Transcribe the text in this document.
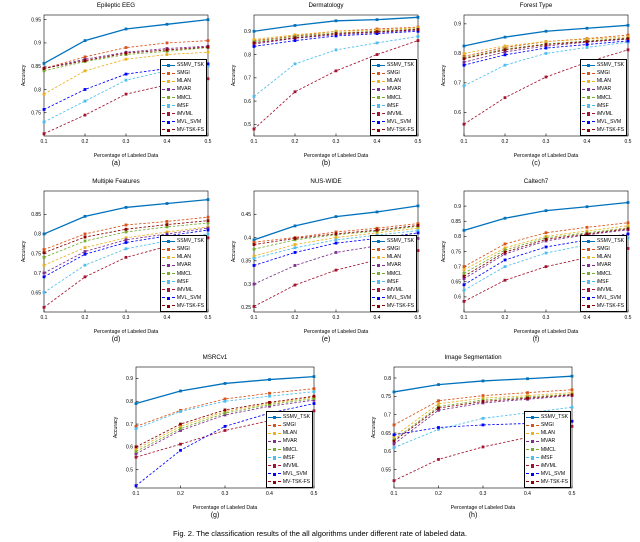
Epileptic EEG
0.1	0.2	0.3	0.4	0.5
0.75
0.8
0.85
0.9
0.95
Percentage of Labeled Data
Accuracy	SSMV_TSK
SMGI
MLAN
MVAR
MMCL
iMSF
iMVML
MVL_SVM
MV-TSK-FS
Dermatology
0.1	0.2	0.3	0.4	0.5
0.5
0.6
0.7
0.8
0.9
Percentage of Labeled Data
Accuracy	SSMV_TSK
SMGI
MLAN
MVAR
MMCL
iMSF
iMVML
MVL_SVM
MV-TSK-FS
Forest Type
0.1	0.2	0.3	0.4	0.5
0.6
0.7
0.8
0.9
Percentage of Labeled Data
Accuracy	SSMV_TSK
SMGI
MLAN
MVAR
MMCL
iMSF
iMVML
MVL_SVM
MV-TSK-FS
Multiple Features
0.1	0.2	0.3	0.4	0.5
0.65
0.7
0.75
0.8
0.85
Percentage of Labeled Data
Accuracy	SSMV_TSK
SMGI
MLAN
MVAR
MMCL
iMSF
iMVML
MVL_SVM
MV-TSK-FS
NUS-WIDE
0.1	0.2	0.3	0.4	0.5
0.25
0.3
0.35
0.4
0.45
Percentage of Labeled Data
Accuracy	SSMV_TSK
SMGI
MLAN
MVAR
MMCL
iMSF
iMVML
MVL_SVM
MV-TSK-FS
Caltech7
0.1	0.2	0.3	0.4	0.5
0.6
0.65
0.7
0.75
0.8
0.85
0.9
Percentage of Labeled Data
Accuracy	SSMV_TSK
SMGI
MLAN
MVAR
MMCL
iMSF
iMVML
MVL_SVM
MV-TSK-FS
MSRCv1
0.1	0.2	0.3	0.4	0.5
0.5
0.6
0.7
0.8
0.9
Percentage of Labeled Data
Accuracy	SSMV_TSK
SMGI
MLAN
MVAR
MMCL
iMSF
iMVML
MVL_SVM
MV-TSK-FS
Image Segmentation
0.1	0.2	0.3	0.4	0.5
0.55
0.6
0.65
0.7
0.75
0.8
Percentage of Labeled Data
Accuracy	SSMV_TSK
SMGI
MLAN
MVAR
MMCL
iMSF
iMVML
MVL_SVM
MV-TSK-FS
Fig. 2. The classification results of the all algorithms under different rate of labeled data.
(a)	(b)	(c)
(d)	(e)	(f)
(g)	(h)
